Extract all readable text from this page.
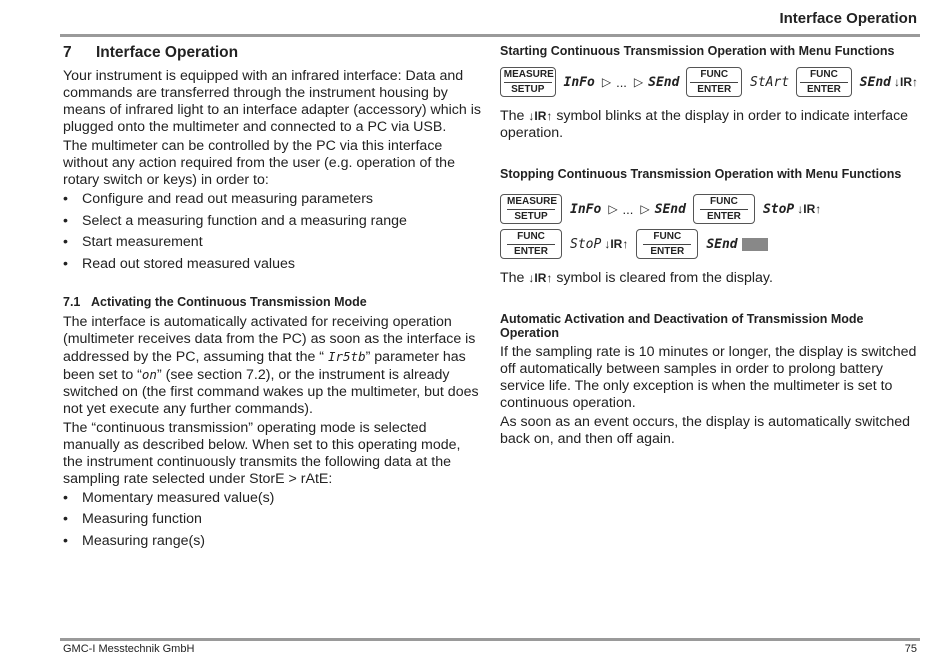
Interface Operation
7 Interface Operation

Your instrument is equipped with an infrared interface: Data and commands are transferred through the instrument housing by means of infrared light to an interface adapter (accessory) which is plugged onto the multimeter and connected to a PC via USB.

The multimeter can be controlled by the PC via this interface without any action required from the user (e.g. operation of the rotary switch or keys) in order to:

• Configure and read out measuring parameters
• Select a measuring function and a measuring range
• Start measurement
• Read out stored measured values
7.1 Activating the Continuous Transmission Mode

The interface is automatically activated for receiving operation (multimeter receives data from the PC) as soon as the interface is addressed by the PC, assuming that the “ Ir5tb” parameter has been set to “on” (see section 7.2), or the instrument is already switched on (the first command wakes up the multimeter, but does not yet execute any further commands).

The “continuous transmission” operating mode is selected manually as described below. When set to this operating mode, the instrument continuously transmits the following data at the sampling rate selected under StorE > rAtE:

• Momentary measured value(s)
• Measuring function
• Measuring range(s)
Starting Continuous Transmission Operation with Menu Functions
MEASURE
SETUP InFo ▷ ... ▷ SEnd	FUNC
ENTER StArt	FUNC
ENTER SEnd ↓IR↑

The ↓IR↑ symbol blinks at the display in order to indicate interface operation.

Stopping Continuous Transmission Operation with Menu Functions
MEASURE
SETUP InFo ▷ ... ▷ SEnd	FUNC
ENTER StoP ↓IR↑
FUNC
ENTER StoP ↓IR↑
FUNC
ENTER SEnd

The ↓IR↑ symbol is cleared from the display.

Automatic Activation and Deactivation of Transmission Mode Operation

If the sampling rate is 10 minutes or longer, the display is switched off automatically between samples in order to prolong battery service life. The only exception is when the multimeter is set to continuous operation.

As soon as an event occurs, the display is automatically switched back on, and then off again.

GMC-I Messtechnik GmbH	75
